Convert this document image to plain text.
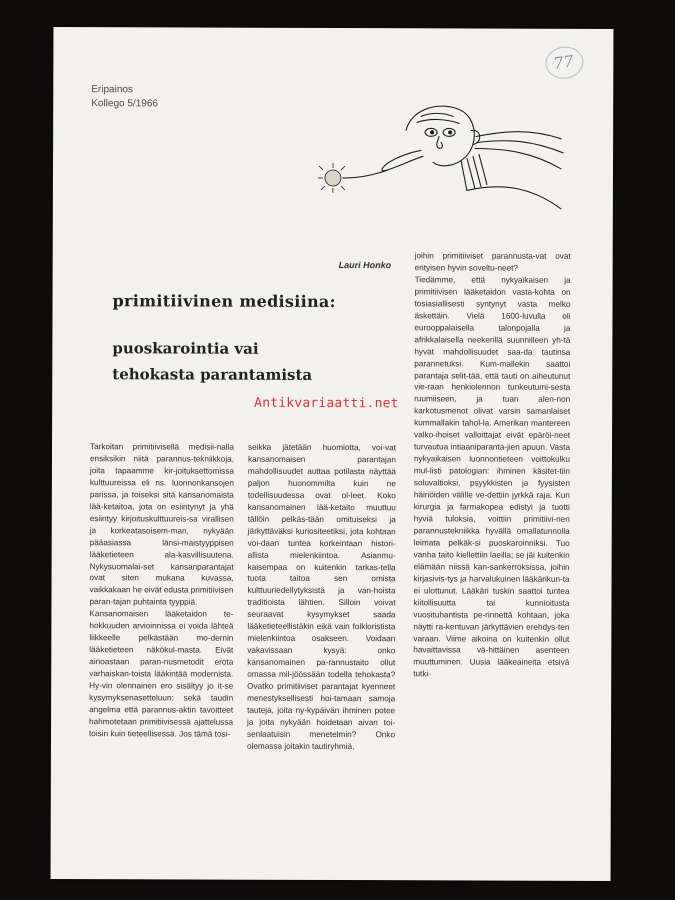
77
Eripainos
Kollego 5/1966
Lauri Honko
primitiivinen medisiina:
puoskarointia vai tehokasta parantamista
Antikvariaatti.net

Tarkoitan primitiivisellä medisii-nalla ensiksikin niitä parannus-tekniikkoja, joita tapaamme kir-joituksettomissa kulttuureissa eli ns. luonnonkansojen parissa, ja toiseksi sitä kansanomaista lää-ketaitoa, jota on esiintynyt ja yhä esiintyy kirjoituskulttuureis-sa virallisen ja korkeatasoisem-man, nykyään pääasiassa länsi-maistyyppisen lääketieteen ala-kasvillisuutena. Nykysuomalai-set kansanparantajat ovat siten mukana kuvassa, vaikkakaan he eivät edusta primitiivisen paran-tajan puhtainta tyyppiä.

Kansanomaisen lääketaidon te-hokkuuden arvioinnissa ei voida lähteä liikkeelle pelkästään mo-dernin lääketieteen näkökul-masta. Eivät ainoastaan paran-nusmetodit erota varhaiskan-toista lääkintää modernista. Hy-vin olennainen ero sisältyy jo it-se kysymyksenasetteluun: sekä taudin angelma että parannus-aktin tavoitteet hahmotetaan primitiivisessä ajattelussa toisin kuin tieteellisessä. Jos tämä tosi-

seikka jätetään huomiotta, voi-vat kansanomaisen parantajan mahdollisuudet auttaa potilasta näyttää paljon huonommilta kuin ne todellisuudessa ovat ol-leet. Koko kansanomainen lää-ketaito muuttuu tällöin pelkäs-tään omituiseksi ja järkyttäväksi kuriositeetiksi, jota kohtaan voi-daan tuntea korkeintaan histori-allista mielenkiintoa. Asianmu-kaisempaa on kuitenkin tarkas-tella tuota taitoa sen omista kulttuuriedellytyksistä ja van-hoista traditioista lähtien. Silloin voivat seuraavat kysymykset saada lääketieteellistäkin eikä vain folkloristista mielenkiintoa osakseen. Voidaan vakavissaan kysyä: onko kansanomainen pa-rannustaito ollut omassa mil-jöössään todella tehokasta? Ovatko primitiiviset parantajat kyenneet menestyksellisesti hoi-tamaan samoja tauteja, joita ny-kypäivän ihminen potee ja joita nykyään hoidetaan aivan toi-senlaatuisin menetelmin? Onko olemassa joitakin tautiryhmiä,

joihin primitiiviset parannusta-vat ovat erityisen hyvin soveltu-neet?

Tiedämme, että nykyaikaisen ja primitiivisen lääketaidon vasta-kohta on tosiasiallisesti syntynyt vasta melko äskettäin. Vielä 1600-luvulla oli eurooppalaisella talonpojalla ja afrikkalaisella neekerillä suunnilleen yh-tä hyvät mahdollisuudet saa-da tautinsa parannetuksi. Kum-mallekin saattoi parantaja selit-tää, että tauti on aiheutunut vie-raan henkiolennon tunkeutumi-sesta ruumiiseen, ja tuan alen-non karkotusmenot olivat varsin samanlaiset kummallakin tahol-la. Amerikan mantereen valko-ihoiset valloittajat eivät epäröi-neet turvautua intiaaniparanta-jien apuun. Vasta nykyaikaisen luonnontieteen voittokulku mul-listi patologian: ihminen käsitet-tiin soluvaltioksi, psyykkisten ja fyysisten häiriöiden välille ve-dettiin jyrkkä raja. Kun kirurgia ja farmakopea edistyi ja tuotti hyviä tuloksia, voittiin primitiivi-nen parannustekniikka hyvällä omallatunnolla leimata pelkäk-si puoskaroinniksi. Tuo vanha taito kiellettiin laeilla; se jäi kuitenkin elämään niissä kan-sankerroksissa, joihin kirjasivis-tys ja harvalukuinen lääkärikun-ta ei ulottunut. Lääkäri tuskin saattoi tuntea kiitollisuutta tai kunnioitusta vuosituhantista pe-rinnettä kohtaan, joka näytti ra-kentuvan järkyttävien erehdys-ten varaan. Viime aikoina on kuitenkin ollut havaittavissa vä-hittäinen asenteen muuttuminen. Uusia lääkeaineita etsivä tutki-
